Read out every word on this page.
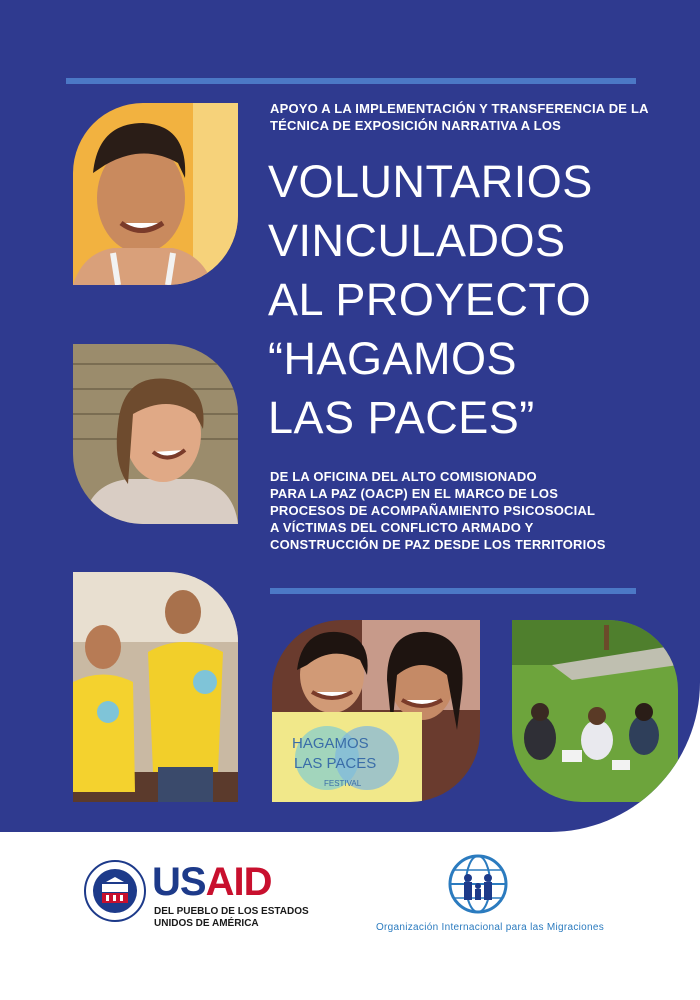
APOYO A LA IMPLEMENTACIÓN Y TRANSFERENCIA DE LA TÉCNICA DE EXPOSICIÓN NARRATIVA A LOS
VOLUNTARIOS
VINCULADOS
AL PROYECTO
“HAGAMOS
LAS PACES”
DE LA OFICINA DEL ALTO COMISIONADO
PARA LA PAZ (OACP) EN EL MARCO DE LOS
PROCESOS DE ACOMPAÑAMIENTO PSICOSOCIAL
A VÍCTIMAS DEL CONFLICTO ARMADO Y
CONSTRUCCIÓN DE PAZ DESDE LOS TERRITORIOS
HAGAMOS
LAS PACES
FESTIVAL
USAID
DEL PUEBLO DE LOS ESTADOS
UNIDOS DE AMÉRICA	Organización Internacional para las Migraciones
